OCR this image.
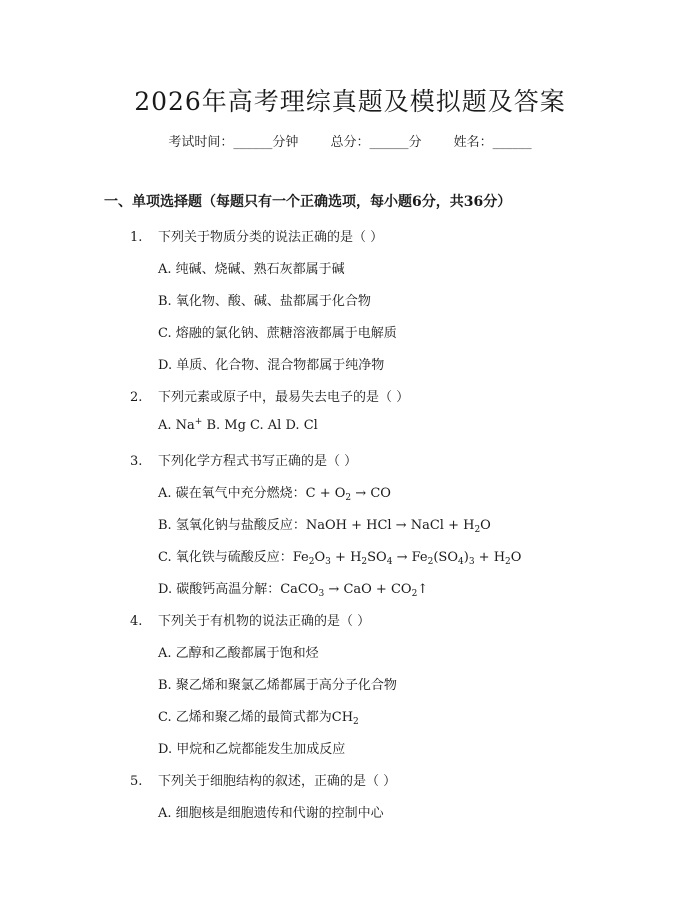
2026年高考理综真题及模拟题及答案
考试时间：______分钟 总分：______分 姓名：______
一、单项选择题（每题只有一个正确选项，每小题6分，共36分）
1. 下列关于物质分类的说法正确的是（ ）
A. 纯碱、烧碱、熟石灰都属于碱
B. 氧化物、酸、碱、盐都属于化合物
C. 熔融的氯化钠、蔗糖溶液都属于电解质
D. 单质、化合物、混合物都属于纯净物
2. 下列元素或原子中，最易失去电子的是（ ）
A. Na+ B. Mg C. Al D. Cl
3. 下列化学方程式书写正确的是（ ）
A. 碳在氧气中充分燃烧：$C + O_2$ → CO
B. 氢氧化钠与盐酸反应：NaOH + HCl → NaCl + $H_2O$
C. 氧化铁与硫酸反应：$Fe_2O_3 + H_2SO_4 \to Fe_2(SO_4)_3 + H_2O$
D. 碳酸钙高温分解：CaCO$_3$ → CaO + $CO_2↑$
4. 下列关于有机物的说法正确的是（ ）
A. 乙醇和乙酸都属于饱和烃
B. 聚乙烯和聚氯乙烯都属于高分子化合物
C. 乙烯和聚乙烯的最简式都为$CH_2$
D. 甲烷和乙烷都能发生加成反应
5. 下列关于细胞结构的叙述，正确的是（ ）
A. 细胞核是细胞遗传和代谢的控制中心
